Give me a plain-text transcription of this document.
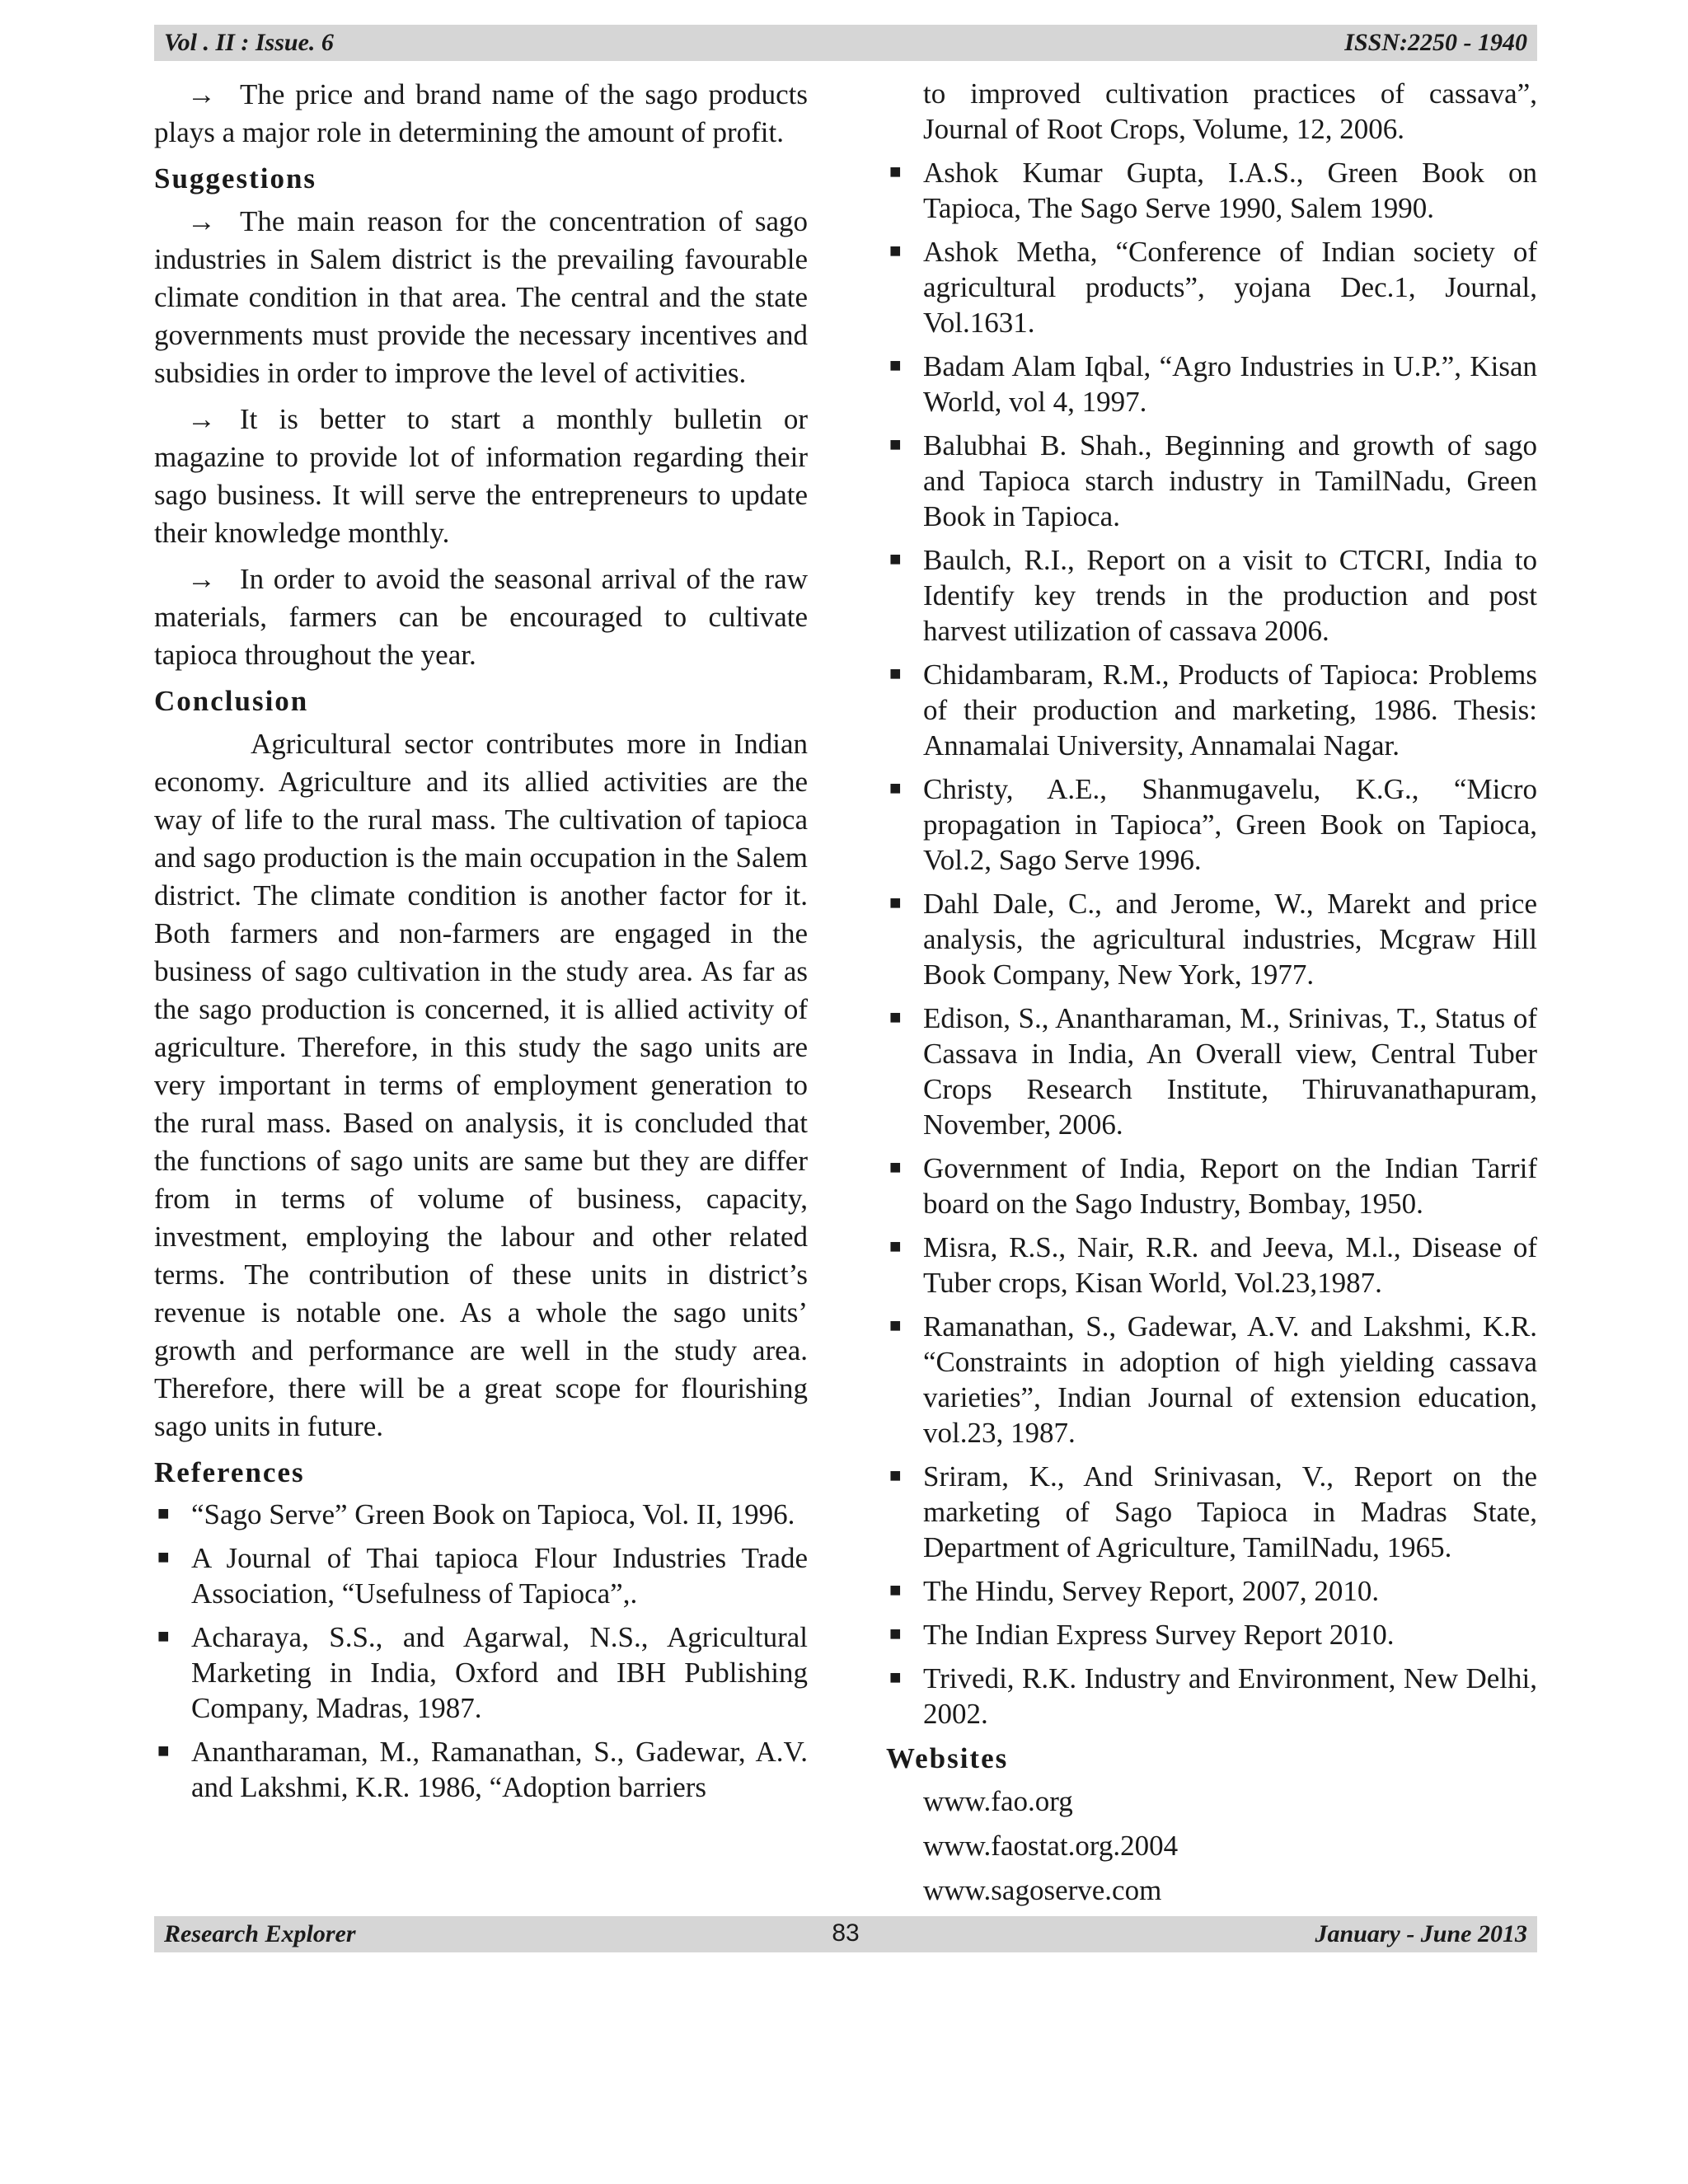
Vol . II : Issue. 6	ISSN:2250 - 1940

→ The price and brand name of the sago products plays a major role in determining the amount of profit.

Suggestions

→ The main reason for the concentration of sago industries in Salem district is the prevailing favourable climate condition in that area. The central and the state governments must provide the necessary incentives and subsidies in order to improve the level of activities.

→ It is better to start a monthly bulletin or magazine to provide lot of information regarding their sago business. It will serve the entrepreneurs to update their knowledge monthly.

→ In order to avoid the seasonal arrival of the raw materials, farmers can be encouraged to cultivate tapioca throughout the year.

Conclusion

Agricultural sector contributes more in Indian economy. Agriculture and its allied activities are the way of life to the rural mass. The cultivation of tapioca and sago production is the main occupation in the Salem district. The climate condition is another factor for it. Both farmers and non-farmers are engaged in the business of sago cultivation in the study area. As far as the sago production is concerned, it is allied activity of agriculture. Therefore, in this study the sago units are very important in terms of employment generation to the rural mass. Based on analysis, it is concluded that the functions of sago units are same but they are differ from in terms of volume of business, capacity, investment, employing the labour and other related terms. The contribution of these units in district’s revenue is notable one. As a whole the sago units’ growth and performance are well in the study area. Therefore, there will be a great scope for flourishing sago units in future.

References
■ “Sago Serve” Green Book on Tapioca, Vol. II, 1996.
■ A Journal of Thai tapioca Flour Industries Trade Association, “Usefulness of Tapioca”,.
■ Acharaya, S.S., and Agarwal, N.S., Agricultural Marketing in India, Oxford and IBH Publishing Company, Madras, 1987.
■ Anantharaman, M., Ramanathan, S., Gadewar, A.V. and Lakshmi, K.R. 1986, “Adoption barriers

to improved cultivation practices of cassava”, Journal of Root Crops, Volume, 12, 2006.

■ Ashok Kumar Gupta, I.A.S., Green Book on Tapioca, The Sago Serve 1990, Salem 1990.
■ Ashok Metha, “Conference of Indian society of agricultural products”, yojana Dec.1, Journal, Vol.1631.
■ Badam Alam Iqbal, “Agro Industries in U.P.”, Kisan World, vol 4, 1997.
■ Balubhai B. Shah., Beginning and growth of sago and Tapioca starch industry in TamilNadu, Green Book in Tapioca.
■ Baulch, R.I., Report on a visit to CTCRI, India to Identify key trends in the production and post harvest utilization of cassava 2006.
■ Chidambaram, R.M., Products of Tapioca: Problems of their production and marketing, 1986. Thesis: Annamalai University, Annamalai Nagar.
■ Christy, A.E., Shanmugavelu, K.G., “Micro propagation in Tapioca”, Green Book on Tapioca, Vol.2, Sago Serve 1996.
■ Dahl Dale, C., and Jerome, W., Marekt and price analysis, the agricultural industries, Mcgraw Hill Book Company, New York, 1977.
■ Edison, S., Anantharaman, M., Srinivas, T., Status of Cassava in India, An Overall view, Central Tuber Crops Research Institute, Thiruvanathapuram, November, 2006.
■ Government of India, Report on the Indian Tarrif board on the Sago Industry, Bombay, 1950.
■ Misra, R.S., Nair, R.R. and Jeeva, M.l., Disease of Tuber crops, Kisan World, Vol.23,1987.
■ Ramanathan, S., Gadewar, A.V. and Lakshmi, K.R. “Constraints in adoption of high yielding cassava varieties”, Indian Journal of extension education, vol.23, 1987.
■ Sriram, K., And Srinivasan, V., Report on the marketing of Sago Tapioca in Madras State, Department of Agriculture, TamilNadu, 1965.
■ The Hindu, Servey Report, 2007, 2010.
■ The Indian Express Survey Report 2010.
■ Trivedi, R.K. Industry and Environment, New Delhi, 2002.
Websites
www.fao.org
www.faostat.org.2004
www.sagoserve.com
Research Explorer	83	January - June 2013
